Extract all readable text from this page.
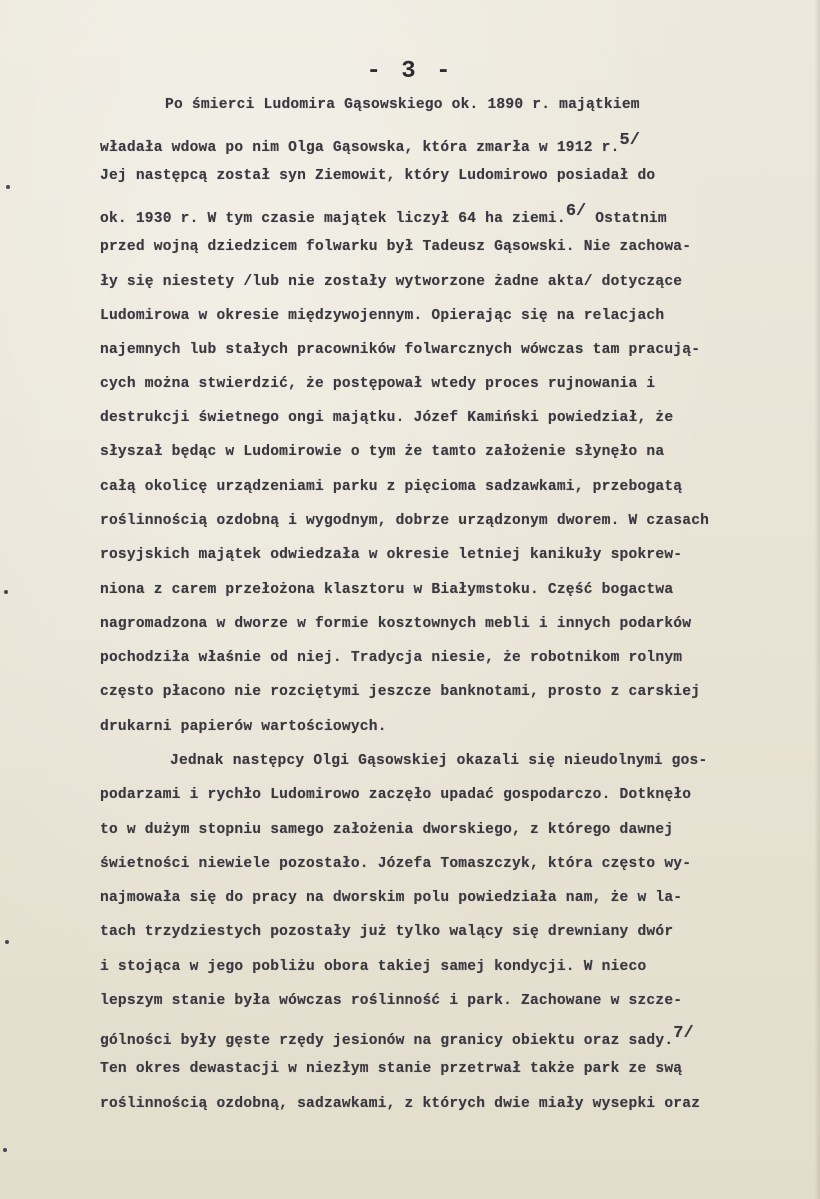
- 3 -
Po śmierci Ludomira Gąsowskiego ok. 1890 r. majątkiem
władała wdowa po nim Olga Gąsowska, która zmarła w 1912 r.$^{5/}$
Jej następcą został syn Ziemowit, który Ludomirowo posiadał do
ok. 1930 r. W tym czasie majątek liczył 64 ha ziemi.$^{6/}$ Ostatnim
przed wojną dziedzicem folwarku był Tadeusz Gąsowski. Nie zachowa-
ły się niestety /lub nie zostały wytworzone żadne akta/ dotyczące
Ludomirowa w okresie międzywojennym. Opierając się na relacjach
najemnych lub stałych pracowników folwarcznych wówczas tam pracują-
cych można stwierdzić, że postępował wtedy proces rujnowania i
destrukcji świetnego ongi majątku. Józef Kamiński powiedział, że
słyszał będąc w Ludomirowie o tym że tamto założenie słynęło na
całą okolicę urządzeniami parku z pięcioma sadzawkami, przebogatą
roślinnością ozdobną i wygodnym, dobrze urządzonym dworem. W czasach
rosyjskich majątek odwiedzała w okresie letniej kanikuły spokrew-
niona z carem przełożona klasztoru w Białymstoku. Część bogactwa
nagromadzona w dworze w formie kosztownych mebli i innych podarków
pochodziła właśnie od niej. Tradycja niesie, że robotnikom rolnym
często płacono nie rozciętymi jeszcze banknotami, prosto z carskiej
drukarni papierów wartościowych.
Jednak następcy Olgi Gąsowskiej okazali się nieudolnymi gos-
podarzami i rychło Ludomirowo zaczęło upadać gospodarczo. Dotknęło
to w dużym stopniu samego założenia dworskiego, z którego dawnej
świetności niewiele pozostało. Józefa Tomaszczyk, która często wy-
najmowała się do pracy na dworskim polu powiedziała nam, że w la-
tach trzydziestych pozostały już tylko walący się drewniany dwór
i stojąca w jego pobliżu obora takiej samej kondycji. W nieco
lepszym stanie była wówczas roślinność i park. Zachowane w szcze-
gólności były gęste rzędy jesionów na granicy obiektu oraz sady.$^{7/}$
Ten okres dewastacji w niezłym stanie przetrwał także park ze swą
roślinnością ozdobną, sadzawkami, z których dwie miały wysepki oraz
